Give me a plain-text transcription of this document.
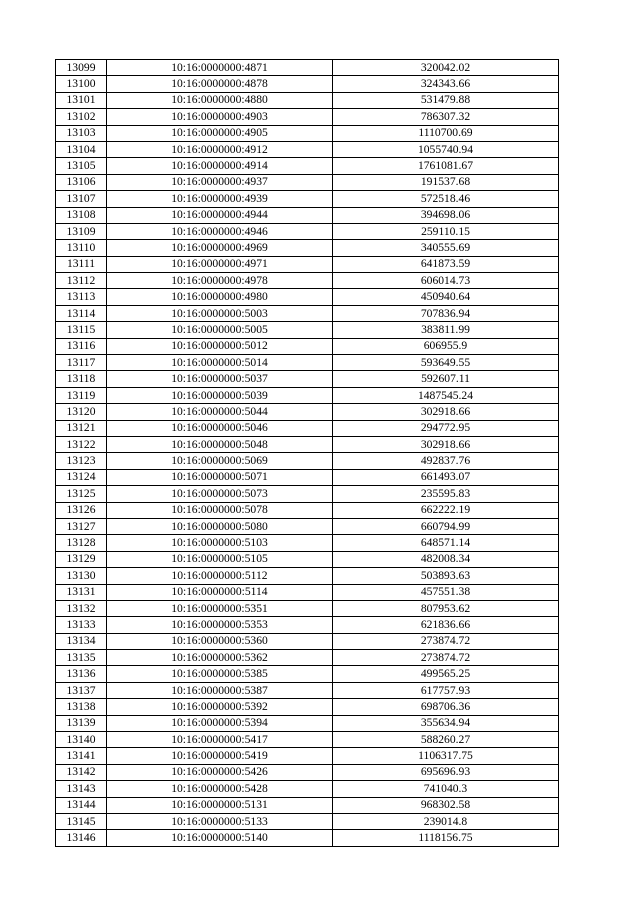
13099	10:16:0000000:4871	320042.02
13100	10:16:0000000:4878	324343.66
13101	10:16:0000000:4880	531479.88
13102	10:16:0000000:4903	786307.32
13103	10:16:0000000:4905	1110700.69
13104	10:16:0000000:4912	1055740.94
13105	10:16:0000000:4914	1761081.67
13106	10:16:0000000:4937	191537.68
13107	10:16:0000000:4939	572518.46
13108	10:16:0000000:4944	394698.06
13109	10:16:0000000:4946	259110.15
13110	10:16:0000000:4969	340555.69
13111	10:16:0000000:4971	641873.59
13112	10:16:0000000:4978	606014.73
13113	10:16:0000000:4980	450940.64
13114	10:16:0000000:5003	707836.94
13115	10:16:0000000:5005	383811.99
13116	10:16:0000000:5012	606955.9
13117	10:16:0000000:5014	593649.55
13118	10:16:0000000:5037	592607.11
13119	10:16:0000000:5039	1487545.24
13120	10:16:0000000:5044	302918.66
13121	10:16:0000000:5046	294772.95
13122	10:16:0000000:5048	302918.66
13123	10:16:0000000:5069	492837.76
13124	10:16:0000000:5071	661493.07
13125	10:16:0000000:5073	235595.83
13126	10:16:0000000:5078	662222.19
13127	10:16:0000000:5080	660794.99
13128	10:16:0000000:5103	648571.14
13129	10:16:0000000:5105	482008.34
13130	10:16:0000000:5112	503893.63
13131	10:16:0000000:5114	457551.38
13132	10:16:0000000:5351	807953.62
13133	10:16:0000000:5353	621836.66
13134	10:16:0000000:5360	273874.72
13135	10:16:0000000:5362	273874.72
13136	10:16:0000000:5385	499565.25
13137	10:16:0000000:5387	617757.93
13138	10:16:0000000:5392	698706.36
13139	10:16:0000000:5394	355634.94
13140	10:16:0000000:5417	588260.27
13141	10:16:0000000:5419	1106317.75
13142	10:16:0000000:5426	695696.93
13143	10:16:0000000:5428	741040.3
13144	10:16:0000000:5131	968302.58
13145	10:16:0000000:5133	239014.8
13146	10:16:0000000:5140	1118156.75
